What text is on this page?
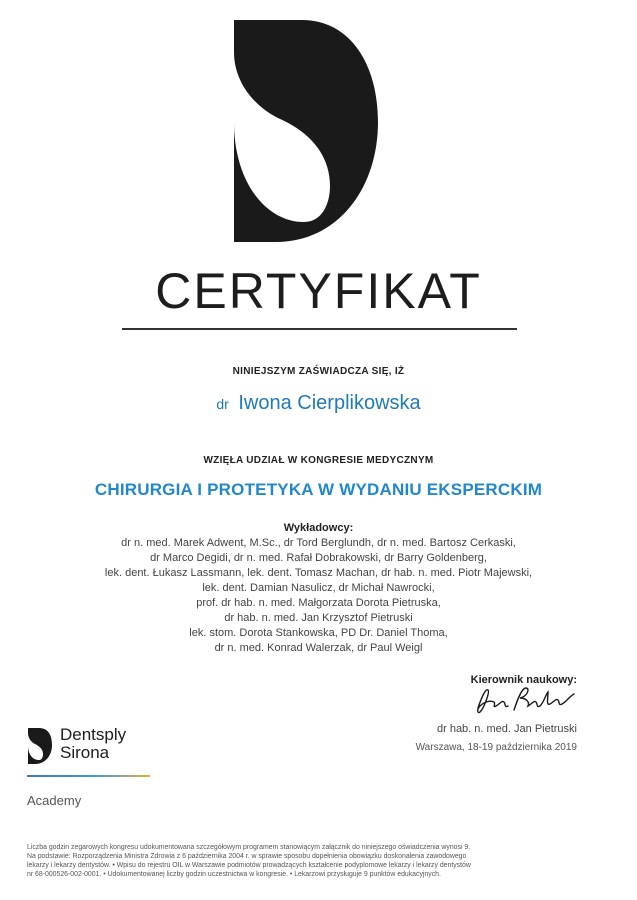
CERTYFIKAT
NINIEJSZYM ZAŚWIADCZA SIĘ, IŻ
dr Iwona Cierplikowska
WZIĘŁA UDZIAŁ W KONGRESIE MEDYCZNYM
CHIRURGIA I PROTETYKA W WYDANIU EKSPERCKIM
Wykładowcy:
dr n. med. Marek Adwent, M.Sc., dr Tord Berglundh, dr n. med. Bartosz Cerkaski,
dr Marco Degidi, dr n. med. Rafał Dobrakowski, dr Barry Goldenberg,
lek. dent. Łukasz Lassmann, lek. dent. Tomasz Machan, dr hab. n. med. Piotr Majewski,
lek. dent. Damian Nasulicz, dr Michał Nawrocki,
prof. dr hab. n. med. Małgorzata Dorota Pietruska,
dr hab. n. med. Jan Krzysztof Pietruski
lek. stom. Dorota Stankowska, PD Dr. Daniel Thoma,
dr n. med. Konrad Walerzak, dr Paul Weigl
Kierownik naukowy:
dr hab. n. med. Jan Pietruski
Warszawa, 18-19 października 2019
Dentsply
Sirona
Academy
Liczba godzin zegarowych kongresu udokumentowana szczegółowym programem stanowiącym załącznik do niniejszego oświadczenia wynosi 9.
Na podstawie: Rozporządzenia Ministra Zdrowia z 6 października 2004 r. w sprawie sposobu dopełnienia obowiązku doskonalenia zawodowego
lekarzy i lekarzy dentystów. • Wpisu do rejestru OIL w Warszawie podmiotów prowadzących kształcenie podyplomowe lekarzy i lekarzy dentystów
nr 68-000526-002-0001. • Udokumentowanej liczby godzin uczestnictwa w kongresie. • Lekarzowi przysługuje 9 punktów edukacyjnych.
